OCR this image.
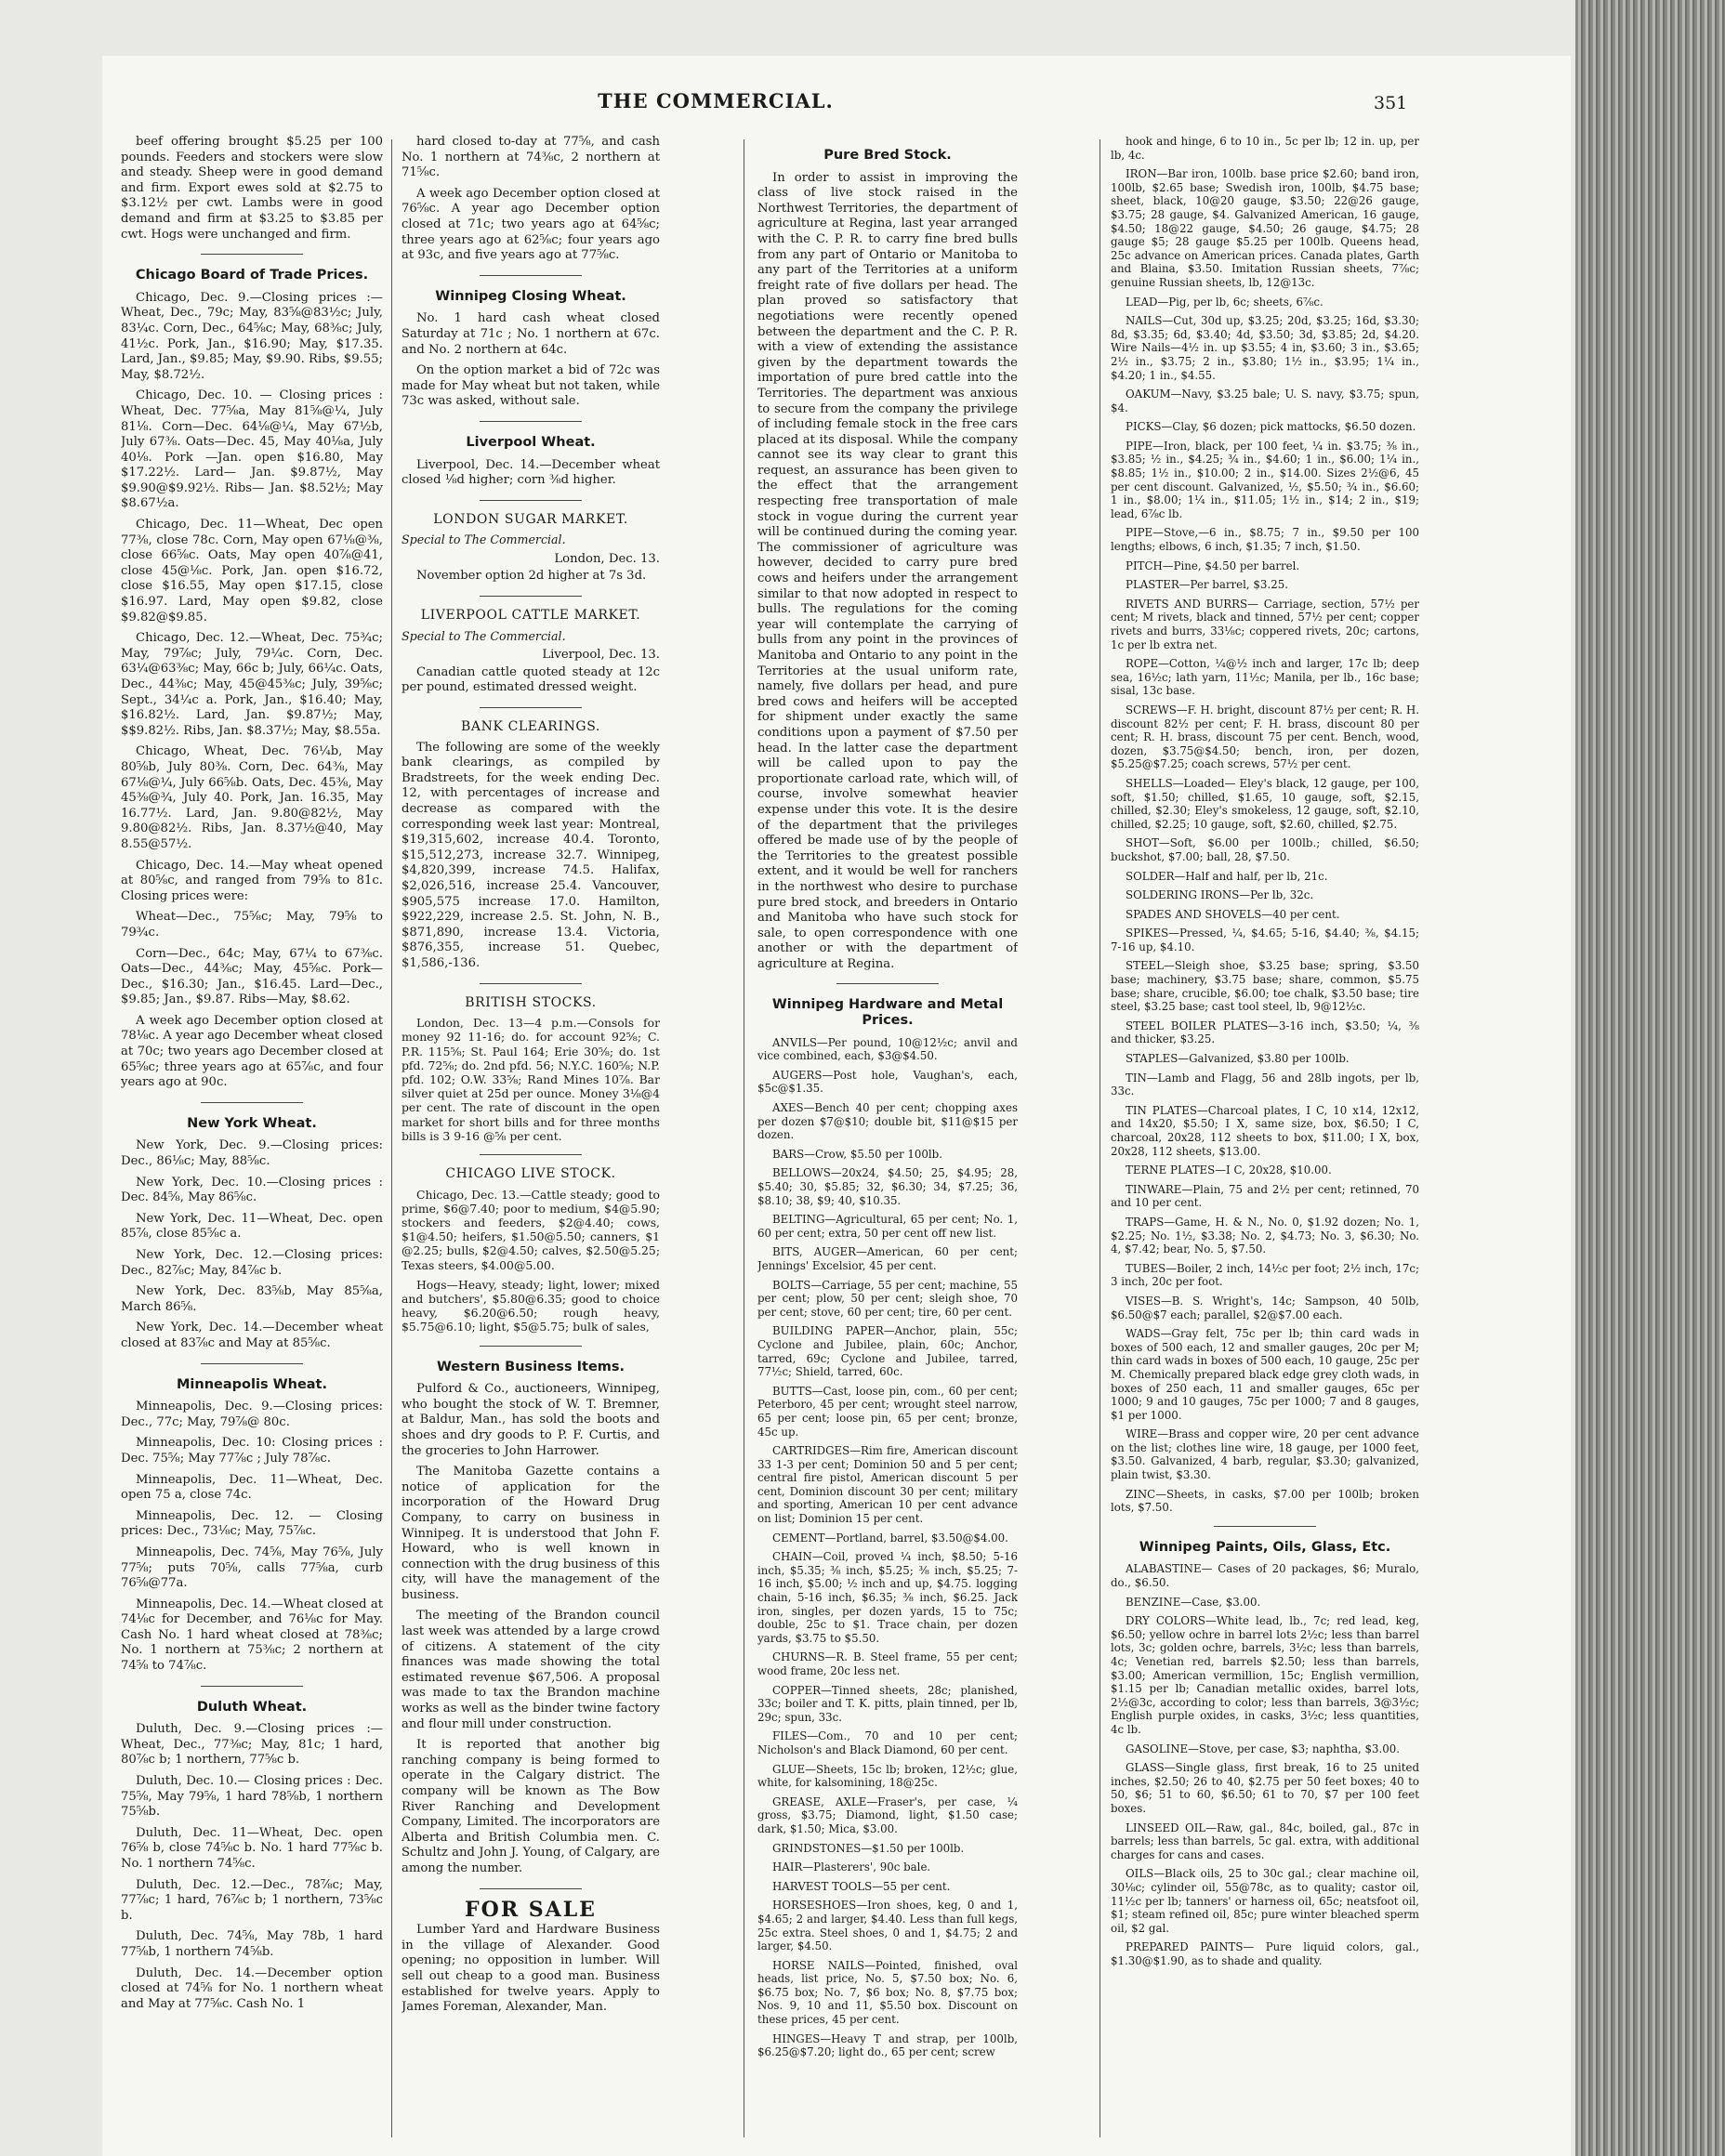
THE COMMERCIAL.	351

beef offering brought $5.25 per 100 pounds. Feeders and stockers were slow and steady. Sheep were in good demand and firm. Export ewes sold at $2.75 to $3.12½ per cwt. Lambs were in good demand and firm at $3.25 to $3.85 per cwt. Hogs were unchanged and firm.

Chicago Board of Trade Prices.

Chicago, Dec. 9.—Closing prices :— Wheat, Dec., 79c; May, 83⅝@83½c; July, 83¼c. Corn, Dec., 64⅝c; May, 68⅜c; July, 41½c. Pork, Jan., $16.90; May, $17.35. Lard, Jan., $9.85; May, $9.90. Ribs, $9.55; May, $8.72½.

Chicago, Dec. 10. — Closing prices : Wheat, Dec. 77⅝a, May 81⅝@¼, July 81⅛. Corn—Dec. 64⅛@¼, May 67½b, July 67⅜. Oats—Dec. 45, May 40⅛a, July 40⅛. Pork —Jan. open $16.80, May $17.22½. Lard— Jan. $9.87½, May $9.90@$9.92½. Ribs— Jan. $8.52½; May $8.67½a.

Chicago, Dec. 11—Wheat, Dec open 77⅜, close 78c. Corn, May open 67⅛@⅜, close 66⅝c. Oats, May open 40⅞@41, close 45@⅛c. Pork, Jan. open $16.72, close $16.55, May open $17.15, close $16.97. Lard, May open $9.82, close $9.82@$9.85.

Chicago, Dec. 12.—Wheat, Dec. 75¾c; May, 79⅞c; July, 79¼c. Corn, Dec. 63¼@63⅜c; May, 66c b; July, 66¼c. Oats, Dec., 44⅜c; May, 45@45⅜c; July, 39⅝c; Sept., 34¼c a. Pork, Jan., $16.40; May, $16.82½. Lard, Jan. $9.87½; May, $$9.82½. Ribs, Jan. $8.37½; May, $8.55a.

Chicago, Wheat, Dec. 76¼b, May 80⅝b, July 80⅜. Corn, Dec. 64⅜, May 67⅛@¼, July 66⅝b. Oats, Dec. 45⅜, May 45⅜@¾, July 40. Pork, Jan. 16.35, May 16.77½. Lard, Jan. 9.80@82½, May 9.80@82½. Ribs, Jan. 8.37½@40, May 8.55@57½.

Chicago, Dec. 14.—May wheat opened at 80⅝c, and ranged from 79⅝ to 81c. Closing prices were:

Wheat—Dec., 75⅝c; May, 79⅝ to 79¾c.

Corn—Dec., 64c; May, 67¼ to 67⅜c. Oats—Dec., 44⅜c; May, 45⅝c. Pork—Dec., $16.30; Jan., $16.45. Lard—Dec., $9.85; Jan., $9.87. Ribs—May, $8.62.

A week ago December option closed at 78⅛c. A year ago December wheat closed at 70c; two years ago December closed at 65⅝c; three years ago at 65⅞c, and four years ago at 90c.

New York Wheat.

New York, Dec. 9.—Closing prices: Dec., 86⅛c; May, 88⅝c.

New York, Dec. 10.—Closing prices : Dec. 84⅝, May 86⅝c.

New York, Dec. 11—Wheat, Dec. open 85⅞, close 85⅝c a.

New York, Dec. 12.—Closing prices: Dec., 82⅞c; May, 84⅞c b.

New York, Dec. 83⅝b, May 85⅝a, March 86⅝.

New York, Dec. 14.—December wheat closed at 83⅞c and May at 85⅝c.

Minneapolis Wheat.

Minneapolis, Dec. 9.—Closing prices: Dec., 77c; May, 79⅞@ 80c.

Minneapolis, Dec. 10: Closing prices : Dec. 75⅝; May 77⅞c ; July 78⅞c.

Minneapolis, Dec. 11—Wheat, Dec. open 75 a, close 74c.

Minneapolis, Dec. 12. — Closing prices: Dec., 73⅛c; May, 75⅞c.

Minneapolis, Dec. 74⅝, May 76⅝, July 77⅝; puts 70⅝, calls 77⅝a, curb 76⅝@77a.

Minneapolis, Dec. 14.—Wheat closed at 74⅛c for December, and 76⅛c for May. Cash No. 1 hard wheat closed at 78⅜c; No. 1 northern at 75⅜c; 2 northern at 74⅝ to 74⅞c.

Duluth Wheat.

Duluth, Dec. 9.—Closing prices :— Wheat, Dec., 77⅜c; May, 81c; 1 hard, 80⅞c b; 1 northern, 77⅝c b.

Duluth, Dec. 10.— Closing prices : Dec. 75⅝, May 79⅝, 1 hard 78⅝b, 1 northern 75⅝b.

Duluth, Dec. 11—Wheat, Dec. open 76⅝ b, close 74⅝c b. No. 1 hard 77⅝c b. No. 1 northern 74⅝c.

Duluth, Dec. 12.—Dec., 78⅞c; May, 77⅞c; 1 hard, 76⅞c b; 1 northern, 73⅝c b.

Duluth, Dec. 74⅝, May 78b, 1 hard 77⅝b, 1 northern 74⅝b.

Duluth, Dec. 14.—December option closed at 74⅝ for No. 1 northern wheat and May at 77⅝c. Cash No. 1

hard closed to-day at 77⅝, and cash No. 1 northern at 74⅜c, 2 northern at 71⅝c.

A week ago December option closed at 76⅝c. A year ago December option closed at 71c; two years ago at 64⅝c; three years ago at 62⅝c; four years ago at 93c, and five years ago at 77⅝c.

Winnipeg Closing Wheat.

No. 1 hard cash wheat closed Saturday at 71c ; No. 1 northern at 67c. and No. 2 northern at 64c.

On the option market a bid of 72c was made for May wheat but not taken, while 73c was asked, without sale.

Liverpool Wheat.

Liverpool, Dec. 14.—December wheat closed ⅛d higher; corn ⅜d higher.

LONDON SUGAR MARKET.

Special to The Commercial.

London, Dec. 13.

November option 2d higher at 7s 3d.

LIVERPOOL CATTLE MARKET.

Special to The Commercial.

Liverpool, Dec. 13.

Canadian cattle quoted steady at 12c per pound, estimated dressed weight.

BANK CLEARINGS.

The following are some of the weekly bank clearings, as compiled by Bradstreets, for the week ending Dec. 12, with percentages of increase and decrease as compared with the corresponding week last year: Montreal, $19,315,602, increase 40.4. Toronto, $15,512,273, increase 32.7. Winnipeg, $4,820,399, increase 74.5. Halifax, $2,026,516, increase 25.4. Vancouver, $905,575 increase 17.0. Hamilton, $922,229, increase 2.5. St. John, N. B., $871,890, increase 13.4. Victoria, $876,355, increase 51. Quebec, $1,586,-136.

BRITISH STOCKS.

London, Dec. 13—4 p.m.—Consols for money 92 11-16; do. for account 92⅝; C. P.R. 115⅝; St. Paul 164; Erie 30⅝; do. 1st pfd. 72⅝; do. 2nd pfd. 56; N.Y.C. 160⅝; N.P. pfd. 102; O.W. 33⅝; Rand Mines 10⅞. Bar silver quiet at 25d per ounce. Money 3⅛@4 per cent. The rate of discount in the open market for short bills and for three months bills is 3 9-16 @⅝ per cent.

CHICAGO LIVE STOCK.

Chicago, Dec. 13.—Cattle steady; good to prime, $6@7.40; poor to medium, $4@5.90; stockers and feeders, $2@4.40; cows, $1@4.50; heifers, $1.50@5.50; canners, $1 @2.25; bulls, $2@4.50; calves, $2.50@5.25; Texas steers, $4.00@5.00.

Hogs—Heavy, steady; light, lower; mixed and butchers', $5.80@6.35; good to choice heavy, $6.20@6.50; rough heavy, $5.75@6.10; light, $5@5.75; bulk of sales,

Western Business Items.

Pulford & Co., auctioneers, Winnipeg, who bought the stock of W. T. Bremner, at Baldur, Man., has sold the boots and shoes and dry goods to P. F. Curtis, and the groceries to John Harrower.

The Manitoba Gazette contains a notice of application for the incorporation of the Howard Drug Company, to carry on business in Winnipeg. It is understood that John F. Howard, who is well known in connection with the drug business of this city, will have the management of the business.

The meeting of the Brandon council last week was attended by a large crowd of citizens. A statement of the city finances was made showing the total estimated revenue $67,506. A proposal was made to tax the Brandon machine works as well as the binder twine factory and flour mill under construction.

It is reported that another big ranching company is being formed to operate in the Calgary district. The company will be known as The Bow River Ranching and Development Company, Limited. The incorporators are Alberta and British Columbia men. C. Schultz and John J. Young, of Calgary, are among the number.

FOR SALE

Lumber Yard and Hardware Business in the village of Alexander. Good opening; no opposition in lumber. Will sell out cheap to a good man. Business established for twelve years. Apply to James Foreman, Alexander, Man.

Pure Bred Stock.

In order to assist in improving the class of live stock raised in the Northwest Territories, the department of agriculture at Regina, last year arranged with the C. P. R. to carry fine bred bulls from any part of Ontario or Manitoba to any part of the Territories at a uniform freight rate of five dollars per head. The plan proved so satisfactory that negotiations were recently opened between the department and the C. P. R. with a view of extending the assistance given by the department towards the importation of pure bred cattle into the Territories. The department was anxious to secure from the company the privilege of including female stock in the free cars placed at its disposal. While the company cannot see its way clear to grant this request, an assurance has been given to the effect that the arrangement respecting free transportation of male stock in vogue during the current year will be continued during the coming year. The commissioner of agriculture was however, decided to carry pure bred cows and heifers under the arrangement similar to that now adopted in respect to bulls. The regulations for the coming year will contemplate the carrying of bulls from any point in the provinces of Manitoba and Ontario to any point in the Territories at the usual uniform rate, namely, five dollars per head, and pure bred cows and heifers will be accepted for shipment under exactly the same conditions upon a payment of $7.50 per head. In the latter case the department will be called upon to pay the proportionate carload rate, which will, of course, involve somewhat heavier expense under this vote. It is the desire of the department that the privileges offered be made use of by the people of the Territories to the greatest possible extent, and it would be well for ranchers in the northwest who desire to purchase pure bred stock, and breeders in Ontario and Manitoba who have such stock for sale, to open correspondence with one another or with the department of agriculture at Regina.

Winnipeg Hardware and Metal Prices.

ANVILS—Per pound, 10@12½c; anvil and vice combined, each, $3@$4.50.

AUGERS—Post hole, Vaughan's, each, $5c@$1.35.

AXES—Bench 40 per cent; chopping axes per dozen $7@$10; double bit, $11@$15 per dozen.

BARS—Crow, $5.50 per 100lb.

BELLOWS—20x24, $4.50; 25, $4.95; 28, $5.40; 30, $5.85; 32, $6.30; 34, $7.25; 36, $8.10; 38, $9; 40, $10.35.

BELTING—Agricultural, 65 per cent; No. 1, 60 per cent; extra, 50 per cent off new list.

BITS, AUGER—American, 60 per cent; Jennings' Excelsior, 45 per cent.

BOLTS—Carriage, 55 per cent; machine, 55 per cent; plow, 50 per cent; sleigh shoe, 70 per cent; stove, 60 per cent; tire, 60 per cent.

BUILDING PAPER—Anchor, plain, 55c; Cyclone and Jubilee, plain, 60c; Anchor, tarred, 69c; Cyclone and Jubilee, tarred, 77½c; Shield, tarred, 60c.

BUTTS—Cast, loose pin, com., 60 per cent; Peterboro, 45 per cent; wrought steel narrow, 65 per cent; loose pin, 65 per cent; bronze, 45c up.

CARTRIDGES—Rim fire, American discount 33 1-3 per cent; Dominion 50 and 5 per cent; central fire pistol, American discount 5 per cent, Dominion discount 30 per cent; military and sporting, American 10 per cent advance on list; Dominion 15 per cent.

CEMENT—Portland, barrel, $3.50@$4.00.

CHAIN—Coil, proved ¼ inch, $8.50; 5-16 inch, $5.35; ⅜ inch, $5.25; ⅜ inch, $5.25; 7-16 inch, $5.00; ½ inch and up, $4.75. logging chain, 5-16 inch, $6.35; ⅜ inch, $6.25. Jack iron, singles, per dozen yards, 15 to 75c; double, 25c to $1. Trace chain, per dozen yards, $3.75 to $5.50.

CHURNS—R. B. Steel frame, 55 per cent; wood frame, 20c less net.

COPPER—Tinned sheets, 28c; planished, 33c; boiler and T. K. pitts, plain tinned, per lb, 29c; spun, 33c.

FILES—Com., 70 and 10 per cent; Nicholson's and Black Diamond, 60 per cent.

GLUE—Sheets, 15c lb; broken, 12½c; glue, white, for kalsomining, 18@25c.

GREASE, AXLE—Fraser's, per case, ¼ gross, $3.75; Diamond, light, $1.50 case; dark, $1.50; Mica, $3.00.

GRINDSTONES—$1.50 per 100lb.

HAIR—Plasterers', 90c bale.

HARVEST TOOLS—55 per cent.

HORSESHOES—Iron shoes, keg, 0 and 1, $4.65; 2 and larger, $4.40. Less than full kegs, 25c extra. Steel shoes, 0 and 1, $4.75; 2 and larger, $4.50.

HORSE NAILS—Pointed, finished, oval heads, list price, No. 5, $7.50 box; No. 6, $6.75 box; No. 7, $6 box; No. 8, $7.75 box; Nos. 9, 10 and 11, $5.50 box. Discount on these prices, 45 per cent.

HINGES—Heavy T and strap, per 100lb, $6.25@$7.20; light do., 65 per cent; screw

hook and hinge, 6 to 10 in., 5c per lb; 12 in. up, per lb, 4c.

IRON—Bar iron, 100lb. base price $2.60; band iron, 100lb, $2.65 base; Swedish iron, 100lb, $4.75 base; sheet, black, 10@20 gauge, $3.50; 22@26 gauge, $3.75; 28 gauge, $4. Galvanized American, 16 gauge, $4.50; 18@22 gauge, $4.50; 26 gauge, $4.75; 28 gauge $5; 28 gauge $5.25 per 100lb. Queens head, 25c advance on American prices. Canada plates, Garth and Blaina, $3.50. Imitation Russian sheets, 7⅞c; genuine Russian sheets, lb, 12@13c.

LEAD—Pig, per lb, 6c; sheets, 6⅞c.

NAILS—Cut, 30d up, $3.25; 20d, $3.25; 16d, $3.30; 8d, $3.35; 6d, $3.40; 4d, $3.50; 3d, $3.85; 2d, $4.20. Wire Nails—4½ in. up $3.55; 4 in, $3.60; 3 in., $3.65; 2½ in., $3.75; 2 in., $3.80; 1½ in., $3.95; 1¼ in., $4.20; 1 in., $4.55.

OAKUM—Navy, $3.25 bale; U. S. navy, $3.75; spun, $4.

PICKS—Clay, $6 dozen; pick mattocks, $6.50 dozen.

PIPE—Iron, black, per 100 feet, ¼ in. $3.75; ⅜ in., $3.85; ½ in., $4.25; ¾ in., $4.60; 1 in., $6.00; 1¼ in., $8.85; 1½ in., $10.00; 2 in., $14.00. Sizes 2½@6, 45 per cent discount. Galvanized, ½, $5.50; ¾ in., $6.60; 1 in., $8.00; 1¼ in., $11.05; 1½ in., $14; 2 in., $19; lead, 6⅞c lb.

PIPE—Stove,—6 in., $8.75; 7 in., $9.50 per 100 lengths; elbows, 6 inch, $1.35; 7 inch, $1.50.

PITCH—Pine, $4.50 per barrel.

PLASTER—Per barrel, $3.25.

RIVETS AND BURRS— Carriage, section, 57½ per cent; M rivets, black and tinned, 57½ per cent; copper rivets and burrs, 33⅛c; coppered rivets, 20c; cartons, 1c per lb extra net.

ROPE—Cotton, ¼@½ inch and larger, 17c lb; deep sea, 16½c; lath yarn, 11½c; Manila, per lb., 16c base; sisal, 13c base.

SCREWS—F. H. bright, discount 87½ per cent; R. H. discount 82½ per cent; F. H. brass, discount 80 per cent; R. H. brass, discount 75 per cent. Bench, wood, dozen, $3.75@$4.50; bench, iron, per dozen, $5.25@$7.25; coach screws, 57½ per cent.

SHELLS—Loaded— Eley's black, 12 gauge, per 100, soft, $1.50; chilled, $1.65, 10 gauge, soft, $2.15, chilled, $2.30; Eley's smokeless, 12 gauge, soft, $2.10, chilled, $2.25; 10 gauge, soft, $2.60, chilled, $2.75.

SHOT—Soft, $6.00 per 100lb.; chilled, $6.50; buckshot, $7.00; ball, 28, $7.50.

SOLDER—Half and half, per lb, 21c.

SOLDERING IRONS—Per lb, 32c.

SPADES AND SHOVELS—40 per cent.

SPIKES—Pressed, ¼, $4.65; 5-16, $4.40; ⅜, $4.15; 7-16 up, $4.10.

STEEL—Sleigh shoe, $3.25 base; spring, $3.50 base; machinery, $3.75 base; share, common, $5.75 base; share, crucible, $6.00; toe chalk, $3.50 base; tire steel, $3.25 base; cast tool steel, lb, 9@12½c.

STEEL BOILER PLATES—3-16 inch, $3.50; ¼, ⅜ and thicker, $3.25.

STAPLES—Galvanized, $3.80 per 100lb.

TIN—Lamb and Flagg, 56 and 28lb ingots, per lb, 33c.

TIN PLATES—Charcoal plates, I C, 10 x14, 12x12, and 14x20, $5.50; I X, same size, box, $6.50; I C, charcoal, 20x28, 112 sheets to box, $11.00; I X, box, 20x28, 112 sheets, $13.00.

TERNE PLATES—I C, 20x28, $10.00.

TINWARE—Plain, 75 and 2½ per cent; retinned, 70 and 10 per cent.

TRAPS—Game, H. & N., No. 0, $1.92 dozen; No. 1, $2.25; No. 1½, $3.38; No. 2, $4.73; No. 3, $6.30; No. 4, $7.42; bear, No. 5, $7.50.

TUBES—Boiler, 2 inch, 14½c per foot; 2½ inch, 17c; 3 inch, 20c per foot.

VISES—B. S. Wright's, 14c; Sampson, 40 50lb, $6.50@$7 each; parallel, $2@$7.00 each.

WADS—Gray felt, 75c per lb; thin card wads in boxes of 500 each, 12 and smaller gauges, 20c per M; thin card wads in boxes of 500 each, 10 gauge, 25c per M. Chemically prepared black edge grey cloth wads, in boxes of 250 each, 11 and smaller gauges, 65c per 1000; 9 and 10 gauges, 75c per 1000; 7 and 8 gauges, $1 per 1000.

WIRE—Brass and copper wire, 20 per cent advance on the list; clothes line wire, 18 gauge, per 1000 feet, $3.50. Galvanized, 4 barb, regular, $3.30; galvanized, plain twist, $3.30.

ZINC—Sheets, in casks, $7.00 per 100lb; broken lots, $7.50.

Winnipeg Paints, Oils, Glass, Etc.

ALABASTINE— Cases of 20 packages, $6; Muralo, do., $6.50.

BENZINE—Case, $3.00.

DRY COLORS—White lead, lb., 7c; red lead, keg, $6.50; yellow ochre in barrel lots 2½c; less than barrel lots, 3c; golden ochre, barrels, 3½c; less than barrels, 4c; Venetian red, barrels $2.50; less than barrels, $3.00; American vermillion, 15c; English vermillion, $1.15 per lb; Canadian metallic oxides, barrel lots, 2½@3c, according to color; less than barrels, 3@3½c; English purple oxides, in casks, 3½c; less quantities, 4c lb.

GASOLINE—Stove, per case, $3; naphtha, $3.00.

GLASS—Single glass, first break, 16 to 25 united inches, $2.50; 26 to 40, $2.75 per 50 feet boxes; 40 to 50, $6; 51 to 60, $6.50; 61 to 70, $7 per 100 feet boxes.

LINSEED OIL—Raw, gal., 84c, boiled, gal., 87c in barrels; less than barrels, 5c gal. extra, with additional charges for cans and cases.

OILS—Black oils, 25 to 30c gal.; clear machine oil, 30⅛c; cylinder oil, 55@78c, as to quality; castor oil, 11½c per lb; tanners' or harness oil, 65c; neatsfoot oil, $1; steam refined oil, 85c; pure winter bleached sperm oil, $2 gal.

PREPARED PAINTS— Pure liquid colors, gal., $1.30@$1.90, as to shade and quality.
